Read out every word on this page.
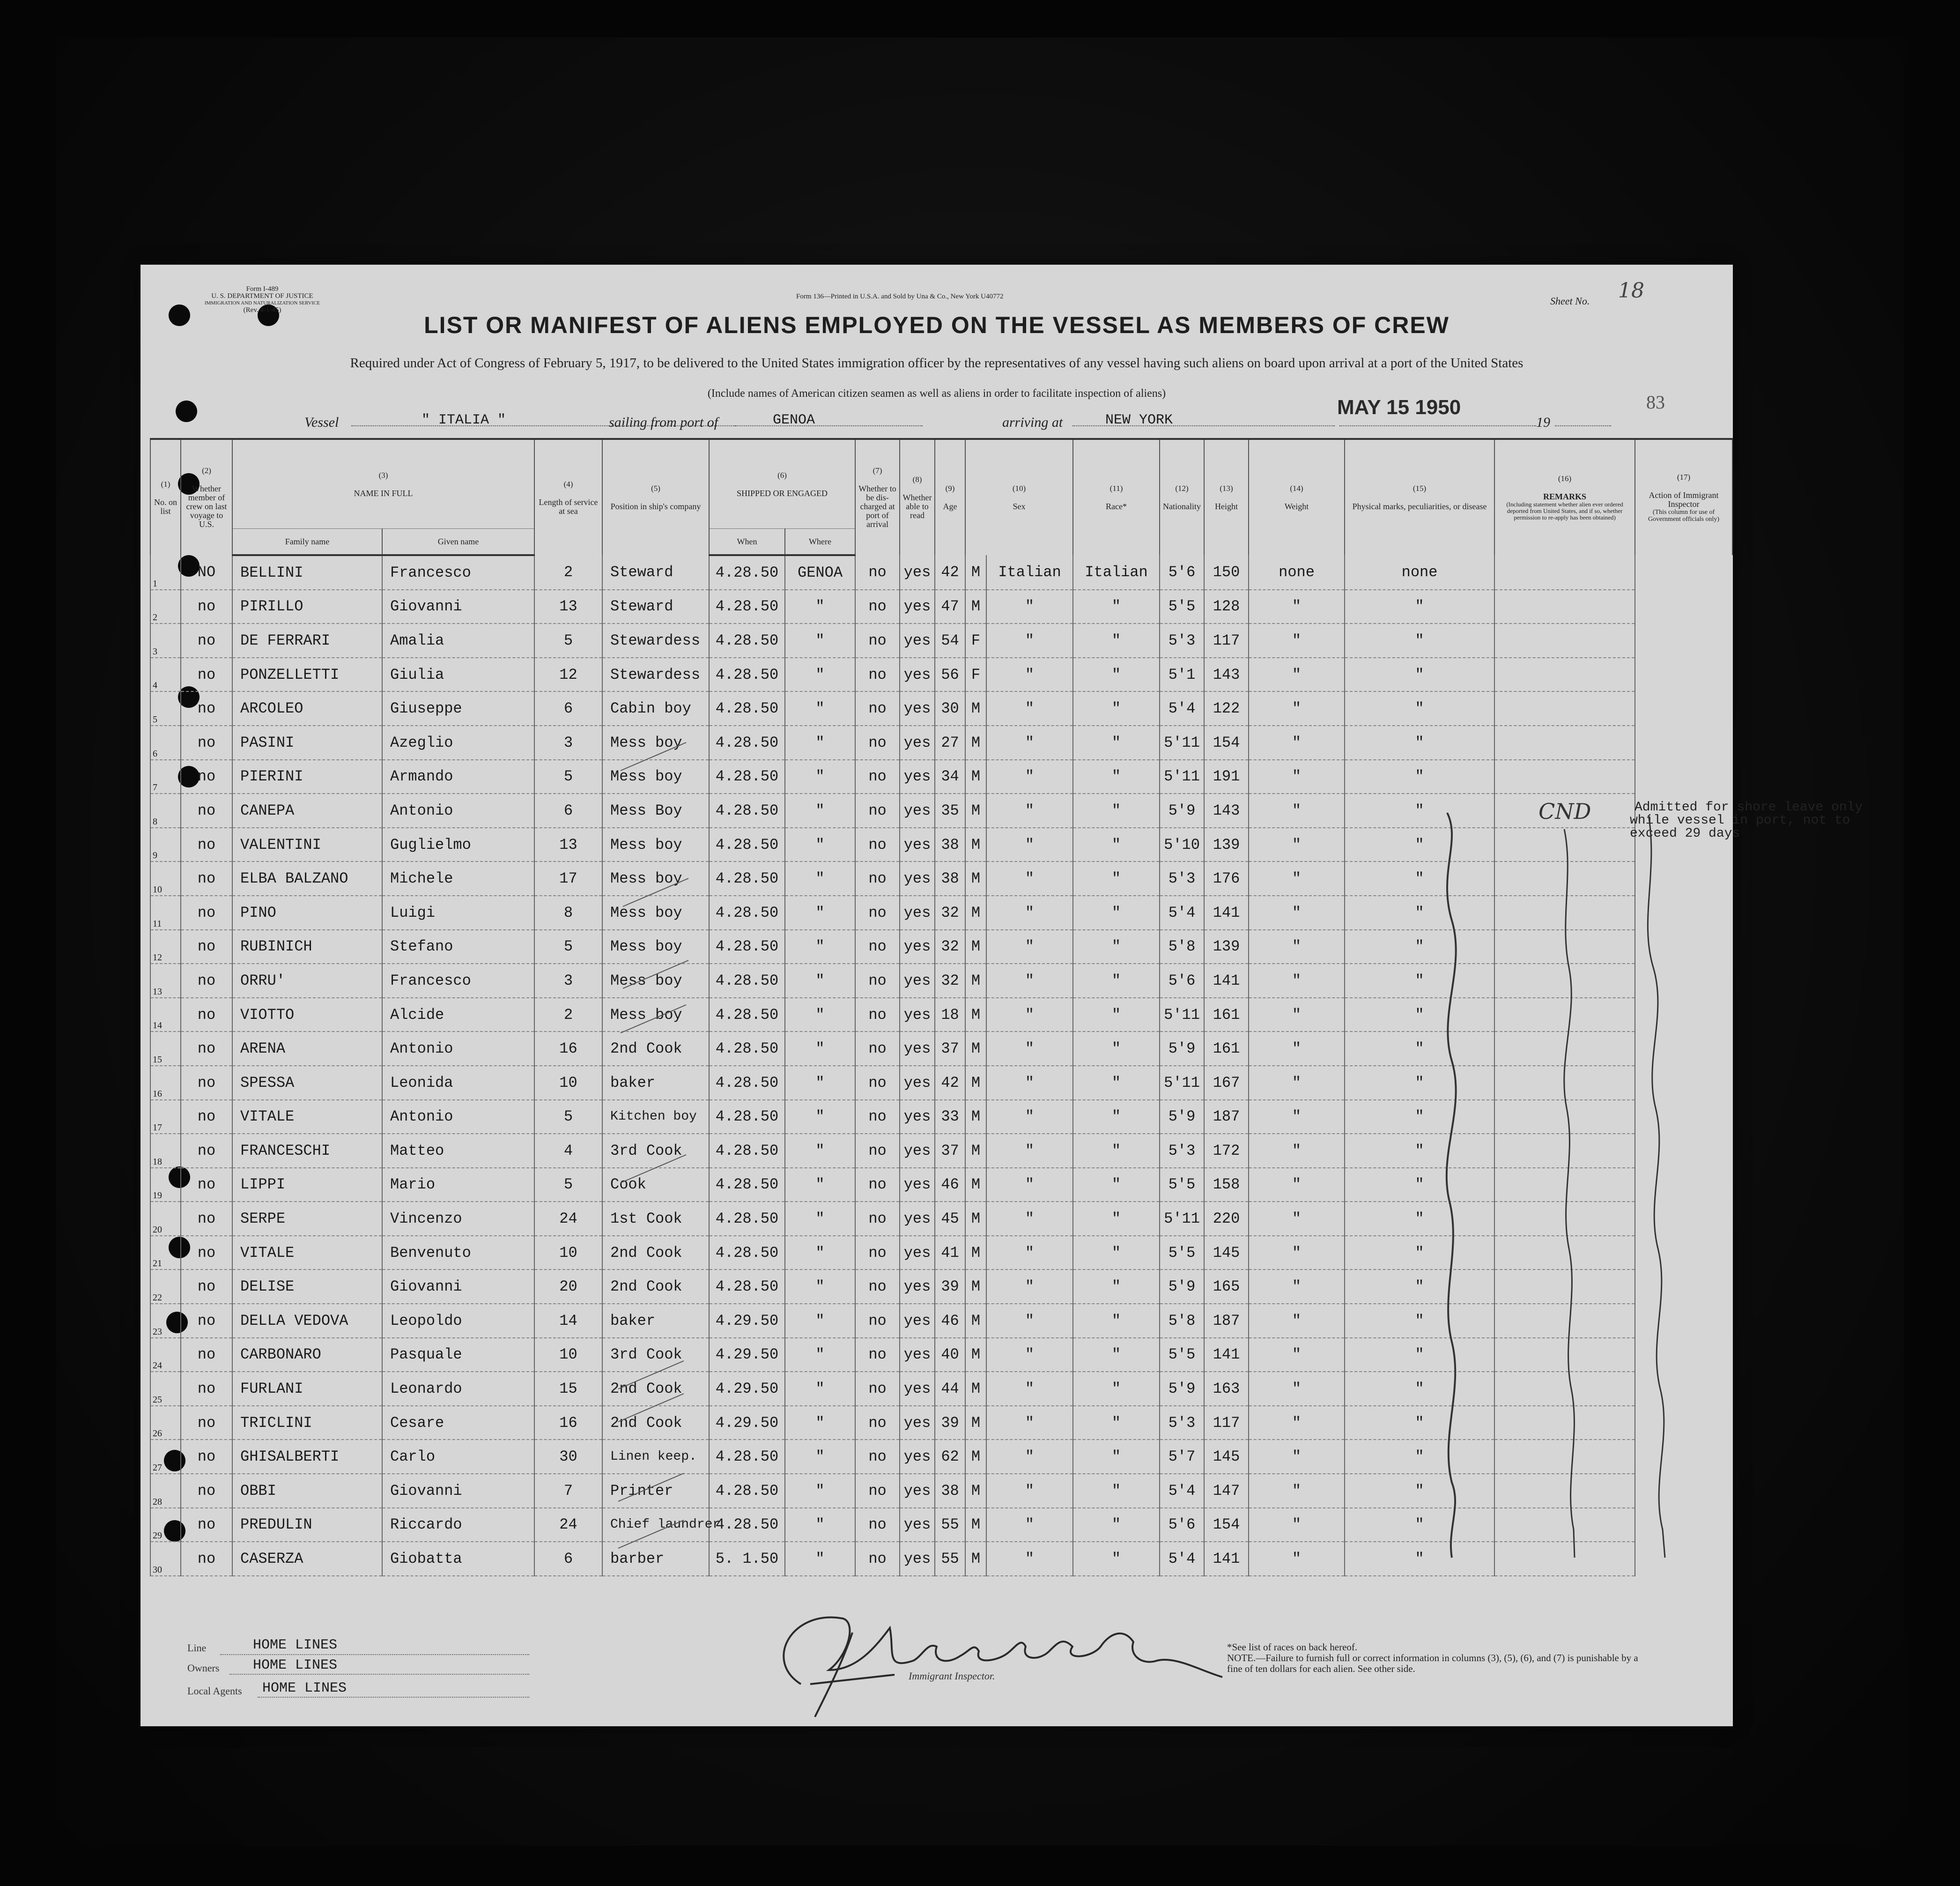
Form I-489
U. S. DEPARTMENT OF JUSTICE
IMMIGRATION AND NATURALIZATION SERVICE
(Rev. 4-1-45)
Form 136—Printed in U.S.A. and Sold by Una & Co., New York U40772	Sheet No. 18
LIST OR MANIFEST OF ALIENS EMPLOYED ON THE VESSEL AS MEMBERS OF CREW
Required under Act of Congress of February 5, 1917, to be delivered to the United States immigration officer by the representatives of any vessel having such aliens on board upon arrival at a port of the United States
(Include names of American citizen seamen as well as aliens in order to facilitate inspection of aliens)
Vessel	" ITALIA "	sailing from port of	GENOA	arriving at	NEW YORK	19
MAY 15 1950	83
(1)
No. on list	(2)
Whether member of crew on last voyage to U.S.	(3)
NAME IN FULL		(4)
Length of service at sea	(5)
Position in ship's company	(6)
SHIPPED OR ENGAGED		(7)
Whether to be dis-charged at port of arrival	(8)
Whether able to read	(9)
Age	(10)
Sex		(11)
Race*	(12)
Nationality	(13)
Height	(14)
Weight	(15)
Physical marks, peculiarities, or disease	(16)
REMARKS
(Including statement whether alien ever ordered deported from United States, and if so, whether permission to re-apply has been obtained)	(17)
Action of Immigrant Inspector
(This column for use of Government officials only)

		Family name	Given name			When	Where												
1	NO	BELLINI	Francesco	2	Steward	4.28.50	GENOA	no	yes	42	M	Italian	Italian	5'6	150	none	none		
2	no	PIRILLO	Giovanni	13	Steward	4.28.50	"	no	yes	47	M	"	"	5'5	128	"	"		
3	no	DE FERRARI	Amalia	5	Stewardess	4.28.50	"	no	yes	54	F	"	"	5'3	117	"	"		
4	no	PONZELLETTI	Giulia	12	Stewardess	4.28.50	"	no	yes	56	F	"	"	5'1	143	"	"		
5	no	ARCOLEO	Giuseppe	6	Cabin boy	4.28.50	"	no	yes	30	M	"	"	5'4	122	"	"		
6	no	PASINI	Azeglio	3	Mess boy	4.28.50	"	no	yes	27	M	"	"	5'11	154	"	"		
7	no	PIERINI	Armando	5	Mess boy	4.28.50	"	no	yes	34	M	"	"	5'11	191	"	"		
8	no	CANEPA	Antonio	6	Mess Boy	4.28.50	"	no	yes	35	M	"	"	5'9	143	"	"		
9	no	VALENTINI	Guglielmo	13	Mess boy	4.28.50	"	no	yes	38	M	"	"	5'10	139	"	"		
10	no	ELBA BALZANO	Michele	17	Mess boy	4.28.50	"	no	yes	38	M	"	"	5'3	176	"	"		
11	no	PINO	Luigi	8	Mess boy	4.28.50	"	no	yes	32	M	"	"	5'4	141	"	"		
12	no	RUBINICH	Stefano	5	Mess boy	4.28.50	"	no	yes	32	M	"	"	5'8	139	"	"		
13	no	ORRU'	Francesco	3	Mess boy	4.28.50	"	no	yes	32	M	"	"	5'6	141	"	"		
14	no	VIOTTO	Alcide	2	Mess boy	4.28.50	"	no	yes	18	M	"	"	5'11	161	"	"		
15	no	ARENA	Antonio	16	2nd Cook	4.28.50	"	no	yes	37	M	"	"	5'9	161	"	"		
16	no	SPESSA	Leonida	10	baker	4.28.50	"	no	yes	42	M	"	"	5'11	167	"	"		
17	no	VITALE	Antonio	5	Kitchen boy	4.28.50	"	no	yes	33	M	"	"	5'9	187	"	"		
18	no	FRANCESCHI	Matteo	4	3rd Cook	4.28.50	"	no	yes	37	M	"	"	5'3	172	"	"		
19	no	LIPPI	Mario	5	Cook	4.28.50	"	no	yes	46	M	"	"	5'5	158	"	"		
20	no	SERPE	Vincenzo	24	1st Cook	4.28.50	"	no	yes	45	M	"	"	5'11	220	"	"		
21	no	VITALE	Benvenuto	10	2nd Cook	4.28.50	"	no	yes	41	M	"	"	5'5	145	"	"		
22	no	DELISE	Giovanni	20	2nd Cook	4.28.50	"	no	yes	39	M	"	"	5'9	165	"	"		
23	no	DELLA VEDOVA	Leopoldo	14	baker	4.29.50	"	no	yes	46	M	"	"	5'8	187	"	"		
24	no	CARBONARO	Pasquale	10	3rd Cook	4.29.50	"	no	yes	40	M	"	"	5'5	141	"	"		
25	no	FURLANI	Leonardo	15	2nd Cook	4.29.50	"	no	yes	44	M	"	"	5'9	163	"	"		
26	no	TRICLINI	Cesare	16	2nd Cook	4.29.50	"	no	yes	39	M	"	"	5'3	117	"	"		
27	no	GHISALBERTI	Carlo	30	Linen keep.	4.28.50	"	no	yes	62	M	"	"	5'7	145	"	"		
28	no	OBBI	Giovanni	7	Printer	4.28.50	"	no	yes	38	M	"	"	5'4	147	"	"		
29	no	PREDULIN	Riccardo	24	Chief laundrer	4.28.50	"	no	yes	55	M	"	"	5'6	154	"	"		
30	no	CASERZA	Giobatta	6	barber	5. 1.50	"	no	yes	55	M	"	"	5'4	141	"	"		
CND	Admitted for shore leave only
while vessel in port, not to
exceed 29 days
Line	HOME LINES
Owners HOME LINES
Local Agents HOME LINES
Immigrant Inspector.
*See list of races on back hereof.
NOTE.—Failure to furnish full or correct information in columns (3), (5), (6), and (7) is punishable by a fine of ten dollars for each alien. See other side.
